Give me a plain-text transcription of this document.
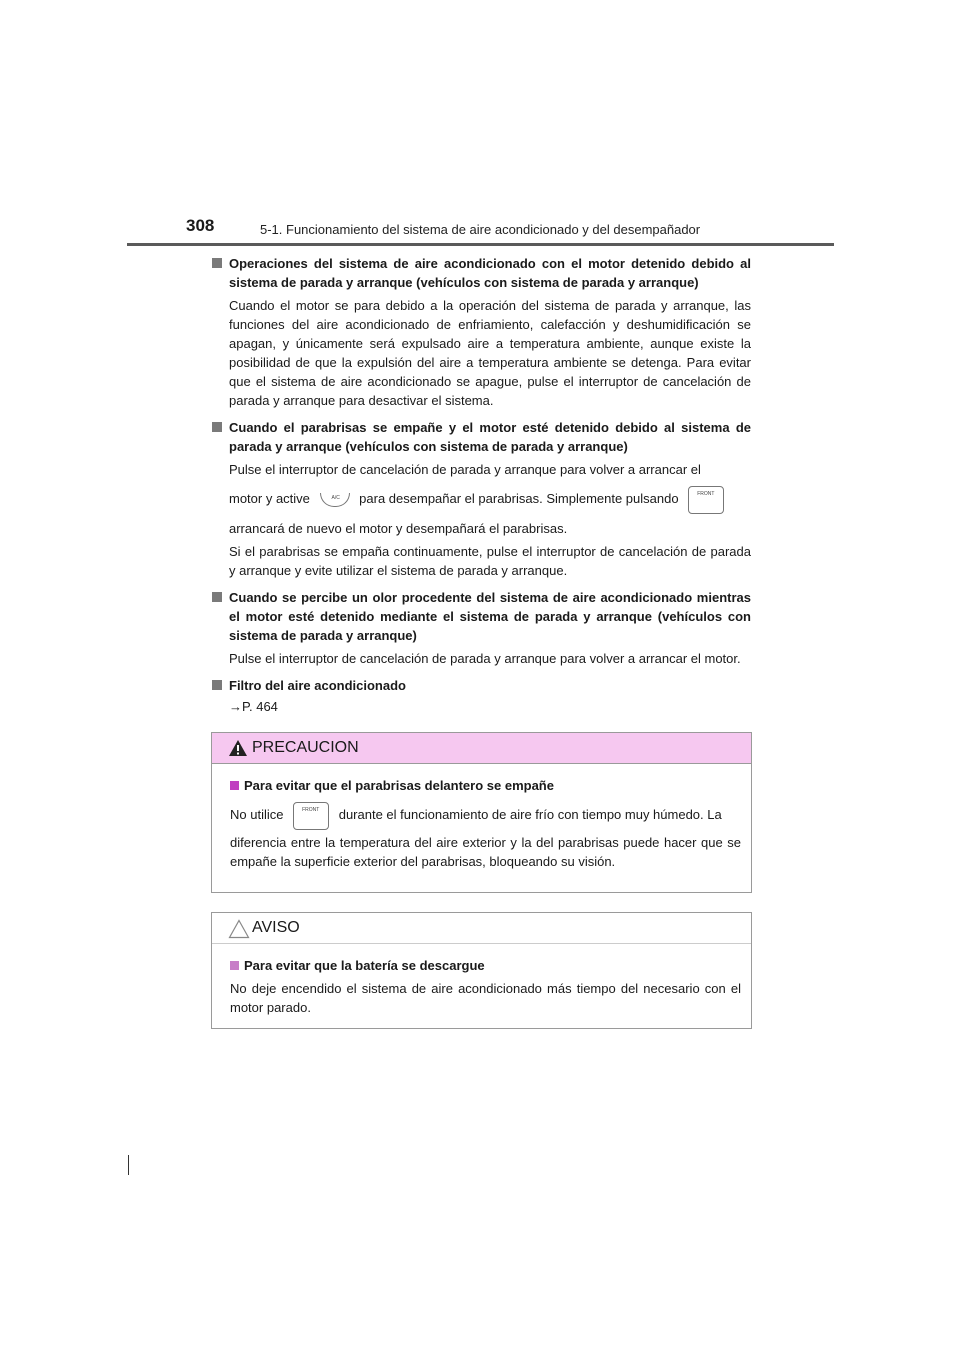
308	5-1. Funcionamiento del sistema de aire acondicionado y del desempañador
Operaciones del sistema de aire acondicionado con el motor detenido debido al sistema de parada y arranque (vehículos con sistema de parada y arranque)

Cuando el motor se para debido a la operación del sistema de parada y arranque, las funciones del aire acondicionado de enfriamiento, calefacción y deshumidificación se apagan, y únicamente será expulsado aire a temperatura ambiente, aunque existe la posibilidad de que la expulsión del aire a temperatura ambiente se detenga. Para evitar que el sistema de aire acondicionado se apague, pulse el interruptor de cancelación de parada y arranque para desactivar el sistema.

Cuando el parabrisas se empañe y el motor esté detenido debido al sistema de parada y arranque (vehículos con sistema de parada y arranque)

Pulse el interruptor de cancelación de parada y arranque para volver a arrancar el

motor y active	A/C para desempañar el parabrisas. Simplemente pulsando	FRONT

arrancará de nuevo el motor y desempañará el parabrisas.

Si el parabrisas se empaña continuamente, pulse el interruptor de cancelación de parada y arranque y evite utilizar el sistema de parada y arranque.

Cuando se percibe un olor procedente del sistema de aire acondicionado mientras el motor esté detenido mediante el sistema de parada y arranque (vehículos con sistema de parada y arranque)

Pulse el interruptor de cancelación de parada y arranque para volver a arrancar el motor.

Filtro del aire acondicionado
→P. 464
PRECAUCION
Para evitar que el parabrisas delantero se empañe

No utilice	FRONT durante el funcionamiento de aire frío con tiempo muy húmedo. La

diferencia entre la temperatura del aire exterior y la del parabrisas puede hacer que se empañe la superficie exterior del parabrisas, bloqueando su visión.

AVISO
Para evitar que la batería se descargue

No deje encendido el sistema de aire acondicionado más tiempo del necesario con el motor parado.
